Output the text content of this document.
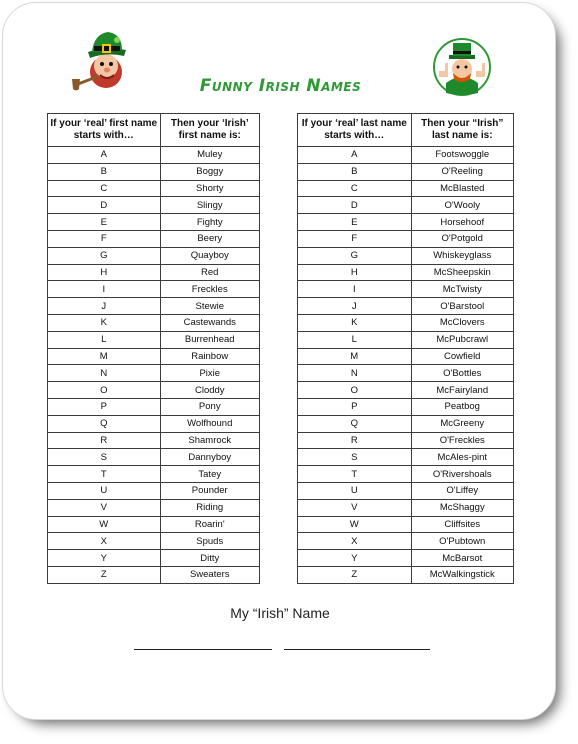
Funny Irish Names
If your ‘real’ first name starts with…	Then your ‘Irish’ first name is:
A	Muley
B	Boggy
C	Shorty
D	Slingy
E	Fighty
F	Beery
G	Quayboy
H	Red
I	Freckles
J	Stewie
K	Castewands
L	Burrenhead
M	Rainbow
N	Pixie
O	Cloddy
P	Pony
Q	Wolfhound
R	Shamrock
S	Dannyboy
T	Tatey
U	Pounder
V	Riding
W	Roarin'
X	Spuds
Y	Ditty
Z	Sweaters
If your ‘real’ last name starts with…	Then your “Irish” last name is:
A	Footswoggle
B	O'Reeling
C	McBlasted
D	O'Wooly
E	Horsehoof
F	O'Potgold
G	Whiskeyglass
H	McSheepskin
I	McTwisty
J	O'Barstool
K	McClovers
L	McPubcrawl
M	Cowfield
N	O'Bottles
O	McFairyland
P	Peatbog
Q	McGreeny
R	O'Freckles
S	McAles-pint
T	O'Rivershoals
U	O'Liffey
V	McShaggy
W	Cliffsites
X	O'Pubtown
Y	McBarsot
Z	McWalkingstick
My “Irish” Name
